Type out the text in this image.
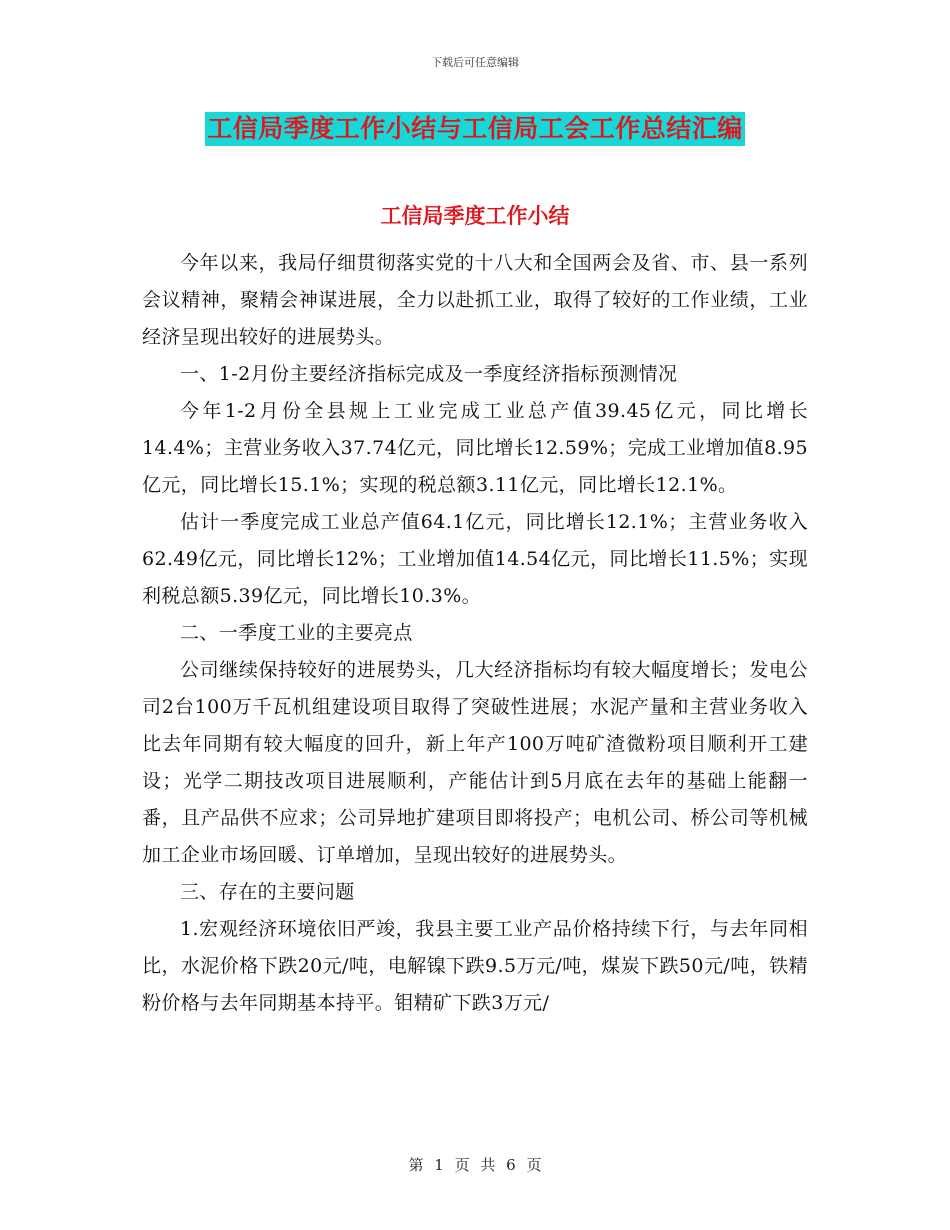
下载后可任意编辑
工信局季度工作小结与工信局工会工作总结汇编
工信局季度工作小结

今年以来，我局仔细贯彻落实党的十八大和全国两会及省、市、县一系列会议精神，聚精会神谋进展，全力以赴抓工业，取得了较好的工作业绩，工业经济呈现出较好的进展势头。

一、1-2月份主要经济指标完成及一季度经济指标预测情况

今年1-2月份全县规上工业完成工业总产值39.45亿元，同比增长14.4%；主营业务收入37.74亿元，同比增长12.59%；完成工业增加值8.95亿元，同比增长15.1%；实现的税总额3.11亿元，同比增长12.1%。

估计一季度完成工业总产值64.1亿元，同比增长12.1%；主营业务收入62.49亿元，同比增长12%；工业增加值14.54亿元，同比增长11.5%；实现利税总额5.39亿元，同比增长10.3%。

二、一季度工业的主要亮点

公司继续保持较好的进展势头，几大经济指标均有较大幅度增长；发电公司2台100万千瓦机组建设项目取得了突破性进展；水泥产量和主营业务收入比去年同期有较大幅度的回升，新上年产100万吨矿渣微粉项目顺利开工建设；光学二期技改项目进展顺利，产能估计到5月底在去年的基础上能翻一番，且产品供不应求；公司异地扩建项目即将投产；电机公司、桥公司等机械加工企业市场回暖、订单增加，呈现出较好的进展势头。

三、存在的主要问题

1.宏观经济环境依旧严竣，我县主要工业产品价格持续下行，与去年同相比，水泥价格下跌20元/吨，电解镍下跌9.5万元/吨，煤炭下跌50元/吨，铁精粉价格与去年同期基本持平。钼精矿下跌3万元/

第 1 页 共 6 页
